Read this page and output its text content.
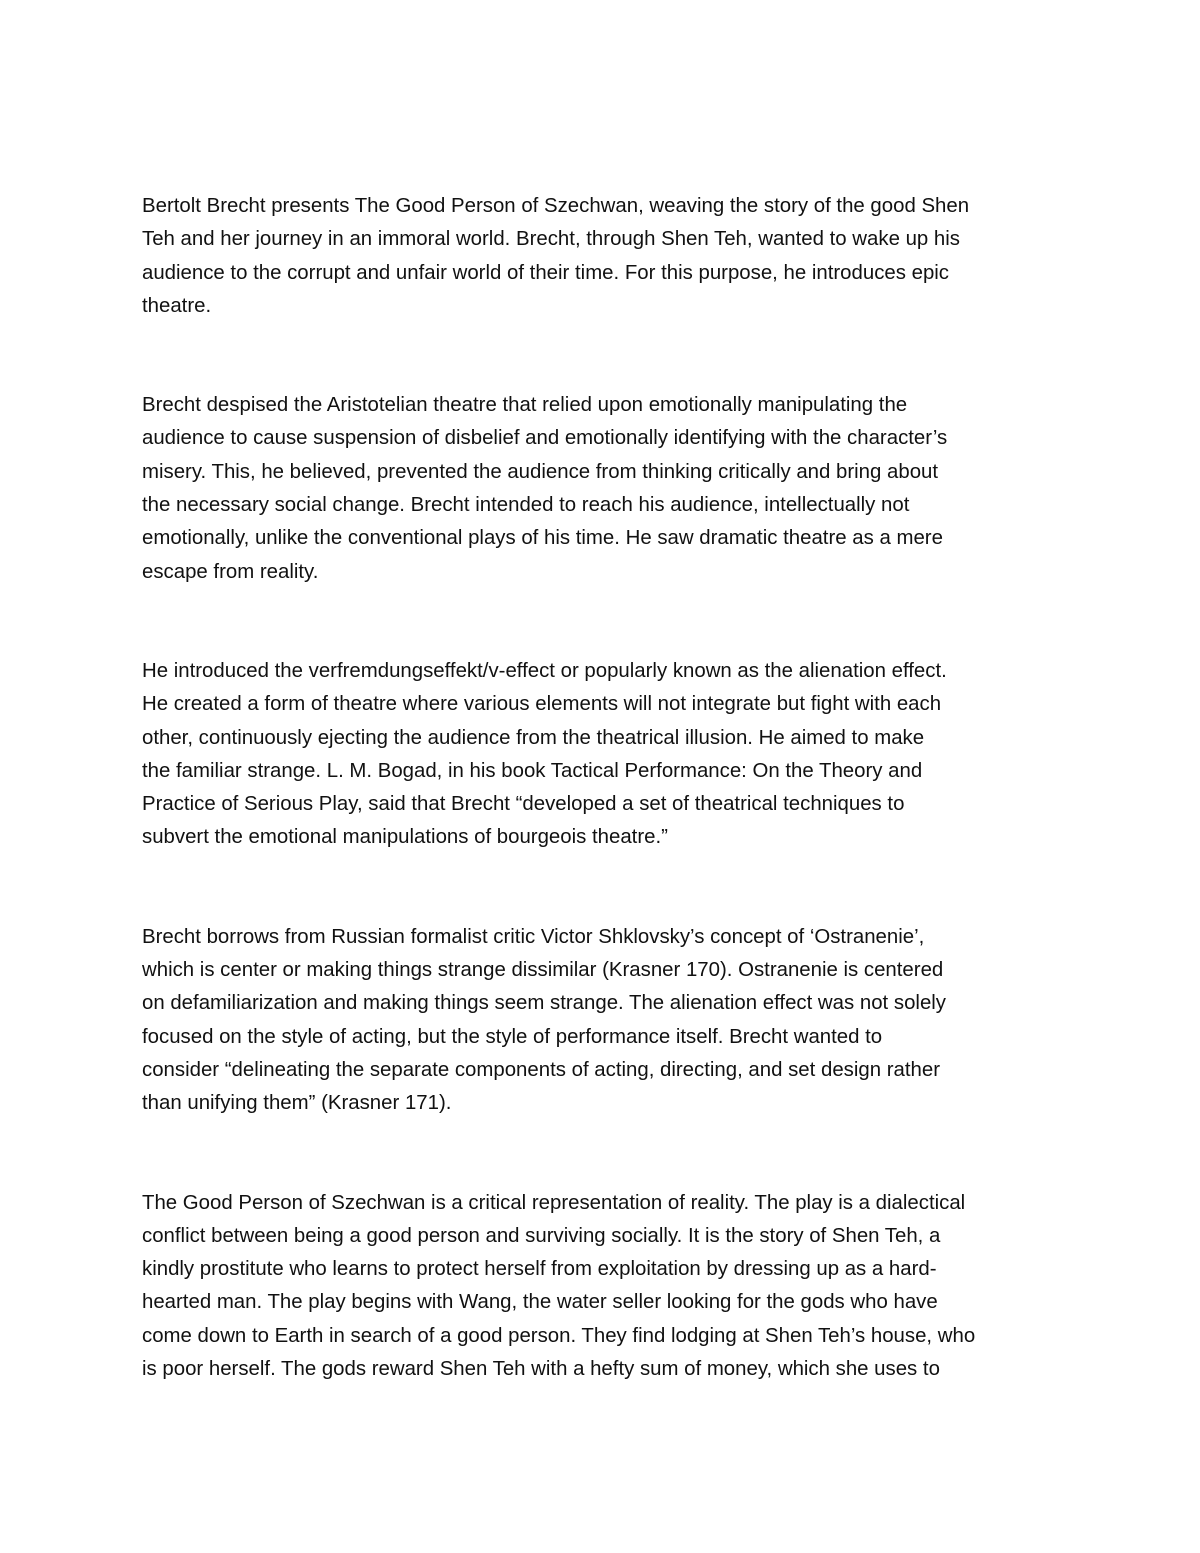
Bertolt Brecht presents The Good Person of Szechwan, weaving the story of the good Shen
Teh and her journey in an immoral world. Brecht, through Shen Teh, wanted to wake up his
audience to the corrupt and unfair world of their time. For this purpose, he introduces epic
theatre.

Brecht despised the Aristotelian theatre that relied upon emotionally manipulating the
audience to cause suspension of disbelief and emotionally identifying with the character’s
misery. This, he believed, prevented the audience from thinking critically and bring about
the necessary social change. Brecht intended to reach his audience, intellectually not
emotionally, unlike the conventional plays of his time. He saw dramatic theatre as a mere
escape from reality.

He introduced the verfremdungseffekt/v-effect or popularly known as the alienation effect.
He created a form of theatre where various elements will not integrate but fight with each
other, continuously ejecting the audience from the theatrical illusion. He aimed to make
the familiar strange. L. M. Bogad, in his book Tactical Performance: On the Theory and
Practice of Serious Play, said that Brecht “developed a set of theatrical techniques to
subvert the emotional manipulations of bourgeois theatre.”

Brecht borrows from Russian formalist critic Victor Shklovsky’s concept of ‘Ostranenie’,
which is center or making things strange dissimilar (Krasner 170). Ostranenie is centered
on defamiliarization and making things seem strange. The alienation effect was not solely
focused on the style of acting, but the style of performance itself. Brecht wanted to
consider “delineating the separate components of acting, directing, and set design rather
than unifying them” (Krasner 171).

The Good Person of Szechwan is a critical representation of reality. The play is a dialectical
conflict between being a good person and surviving socially. It is the story of Shen Teh, a
kindly prostitute who learns to protect herself from exploitation by dressing up as a hard-
hearted man. The play begins with Wang, the water seller looking for the gods who have
come down to Earth in search of a good person. They find lodging at Shen Teh’s house, who
is poor herself. The gods reward Shen Teh with a hefty sum of money, which she uses to
